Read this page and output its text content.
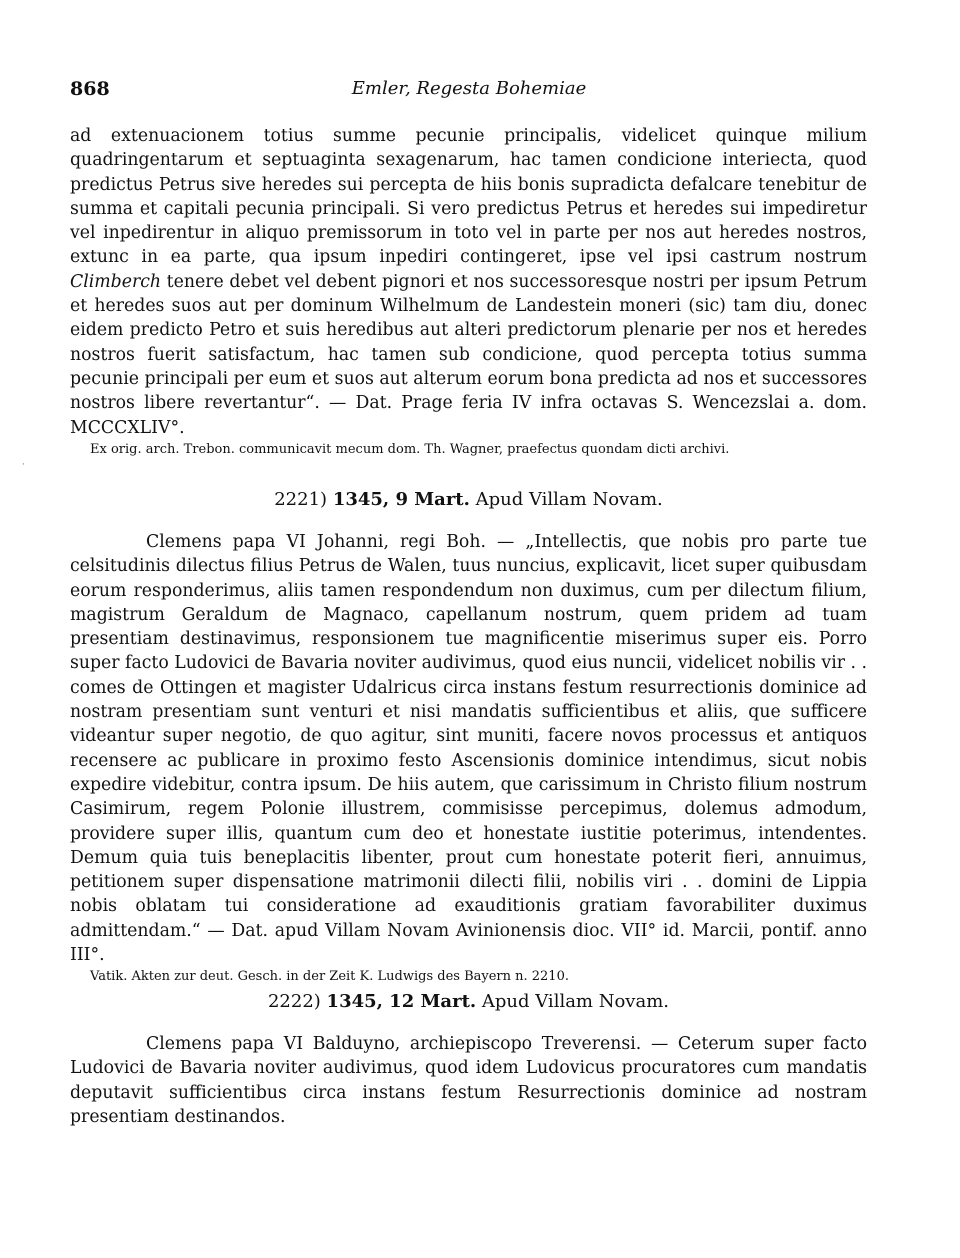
868	Emler, Regesta Bohemiae

ad extenuacionem totius summe pecunie principalis, videlicet quinque milium quadringentarum et septuaginta sexagenarum, hac tamen condicione interiecta, quod predictus Petrus sive heredes sui percepta de hiis bonis supradicta defalcare tenebitur de summa et capitali pecunia principali. Si vero predictus Petrus et heredes sui impediretur vel inpedirentur in aliquo premissorum in toto vel in parte per nos aut heredes nostros, extunc in ea parte, qua ipsum inpediri contingeret, ipse vel ipsi castrum nostrum Climberch tenere debet vel debent pignori et nos successoresque nostri per ipsum Petrum et heredes suos aut per dominum Wilhelmum de Landestein moneri (sic) tam diu, donec eidem predicto Petro et suis heredibus aut alteri predictorum plenarie per nos et heredes nostros fuerit satisfactum, hac tamen sub condicione, quod percepta totius summa pecunie principali per eum et suos aut alterum eorum bona predicta ad nos et successores nostros libere revertantur“. — Dat. Prage feria IV infra octavas S. Wencezslai a. dom. MCCCXLIV°.

Ex orig. arch. Trebon. communicavit mecum dom. Th. Wagner, praefectus quondam dicti archivi.

2221) 1345, 9 Mart. Apud Villam Novam.

Clemens papa VI Johanni, regi Boh. — „Intellectis, que nobis pro parte tue celsitudinis dilectus filius Petrus de Walen, tuus nuncius, explicavit, licet super quibusdam eorum responderimus, aliis tamen respondendum non duximus, cum per dilectum filium, magistrum Geraldum de Magnaco, capellanum nostrum, quem pridem ad tuam presentiam destinavimus, responsionem tue magnificentie miserimus super eis. Porro super facto Ludovici de Bavaria noviter audivimus, quod eius nuncii, videlicet nobilis vir . . comes de Ottingen et magister Udalricus circa instans festum resurrectionis dominice ad nostram presentiam sunt venturi et nisi mandatis sufficientibus et aliis, que sufficere videantur super negotio, de quo agitur, sint muniti, facere novos processus et antiquos recensere ac publicare in proximo festo Ascensionis dominice intendimus, sicut nobis expedire videbitur, contra ipsum. De hiis autem, que carissimum in Christo filium nostrum Casimirum, regem Polonie illustrem, commisisse percepimus, dolemus admodum, providere super illis, quantum cum deo et honestate iustitie poterimus, intendentes. Demum quia tuis beneplacitis libenter, prout cum honestate poterit fieri, annuimus, petitionem super dispensatione matrimonii dilecti filii, nobilis viri . . domini de Lippia nobis oblatam tui consideratione ad exauditionis gratiam favorabiliter duximus admittendam.“ — Dat. apud Villam Novam Avinionensis dioc. VII° id. Marcii, pontif. anno III°.

Vatik. Akten zur deut. Gesch. in der Zeit K. Ludwigs des Bayern n. 2210.

2222) 1345, 12 Mart. Apud Villam Novam.

Clemens papa VI Balduyno, archiepiscopo Treverensi. — Ceterum super facto Ludovici de Bavaria noviter audivimus, quod idem Ludovicus procuratores cum mandatis deputavit sufficientibus circa instans festum Resurrectionis dominice ad nostram presentiam destinandos.

·
